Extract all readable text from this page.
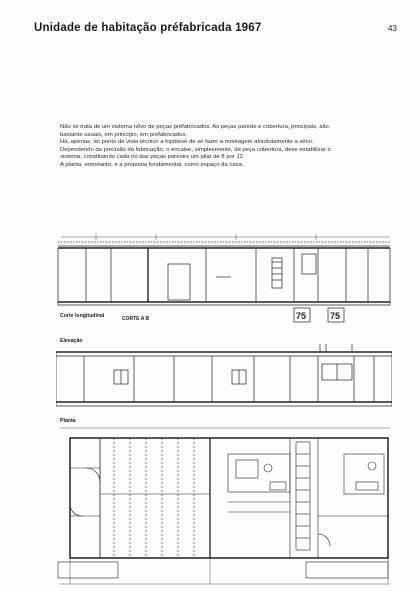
Unidade de habitação préfabricada 1967	43

Não se trata de um sistema nôvo de peças préfabricados. As peças parede e cobertura, principais, são bastante usuais, em princípio, em préfabricados.

Há, apenas, do ponto de vista técnico a hipótese de se fazer a montagem absolutamente a sêco.

Dependendo da precisão da fabricação, o encaixe, simplesmente, da peça cobertura, deve estabilizar o sistema, constituindo cada nó das peças paredes um pilar de 8 por 12.

A planta, entretanto, é a proposta fundamental, como espaço da casa.

CORTE A B	75	75
Corte longitudinal
Elevação
Planta
